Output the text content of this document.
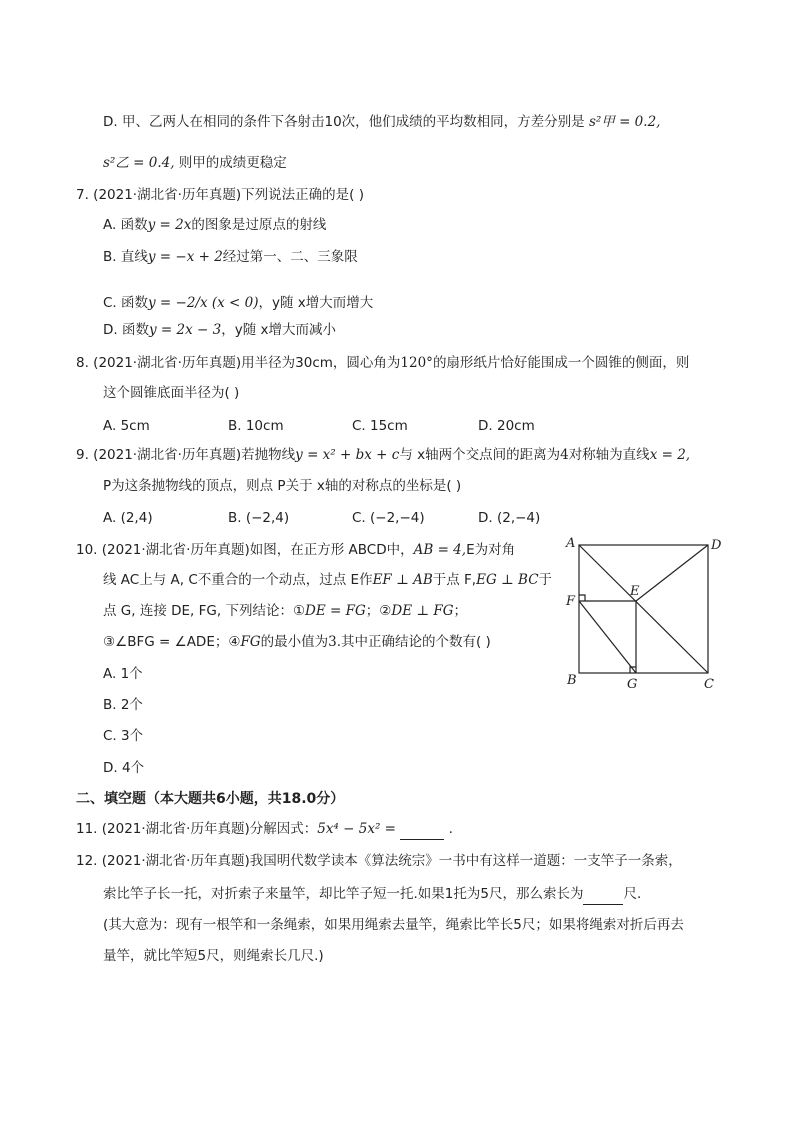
D. 甲、乙两人在相同的条件下各射击10次，他们成绩的平均数相同，方差分别是 s²甲 = 0.2,
s²乙 = 0.4, 则甲的成绩更稳定
7. (2021·湖北省·历年真题)下列说法正确的是( )
A. 函数y = 2x的图象是过原点的射线
B. 直线y = −x + 2经过第一、二、三象限
C. 函数y = −2/x (x < 0)，y随 x增大而增大
D. 函数y = 2x − 3，y随 x增大而减小
8. (2021·湖北省·历年真题)用半径为30cm，圆心角为120°的扇形纸片恰好能围成一个圆锥的侧面，则
这个圆锥底面半径为( )
A. 5cm	B. 10cm	C. 15cm	D. 20cm
9. (2021·湖北省·历年真题)若抛物线y = x² + bx + c与 x轴两个交点间的距离为4对称轴为直线x = 2,
P为这条抛物线的顶点，则点 P关于 x轴的对称点的坐标是( )
A. (2,4)	B. (−2,4)	C. (−2,−4)	D. (2,−4)
10. (2021·湖北省·历年真题)如图，在正方形 ABCD中，AB = 4,E为对角
线 AC上与 A, C不重合的一个动点，过点 E作EF ⊥ AB于点 F,EG ⊥ BC于
点 G, 连接 DE, FG, 下列结论：①DE = FG；②DE ⊥ FG；
③∠BFG = ∠ADE；④FG的最小值为3.其中正确结论的个数有( )
A. 1个
B. 2个
C. 3个
D. 4个
A	D
E
F
B	G	C
二、填空题（本大题共6小题，共18.0分）
11. (2021·湖北省·历年真题)分解因式：5x⁴ − 5x² =	.
12. (2021·湖北省·历年真题)我国明代数学读本《算法统宗》一书中有这样一道题：一支竿子一条索，
索比竿子长一托，对折索子来量竿，却比竿子短一托.如果1托为5尺，那么索长为	尺.
(其大意为：现有一根竿和一条绳索，如果用绳索去量竿，绳索比竿长5尺；如果将绳索对折后再去
量竿，就比竿短5尺，则绳索长几尺.)
